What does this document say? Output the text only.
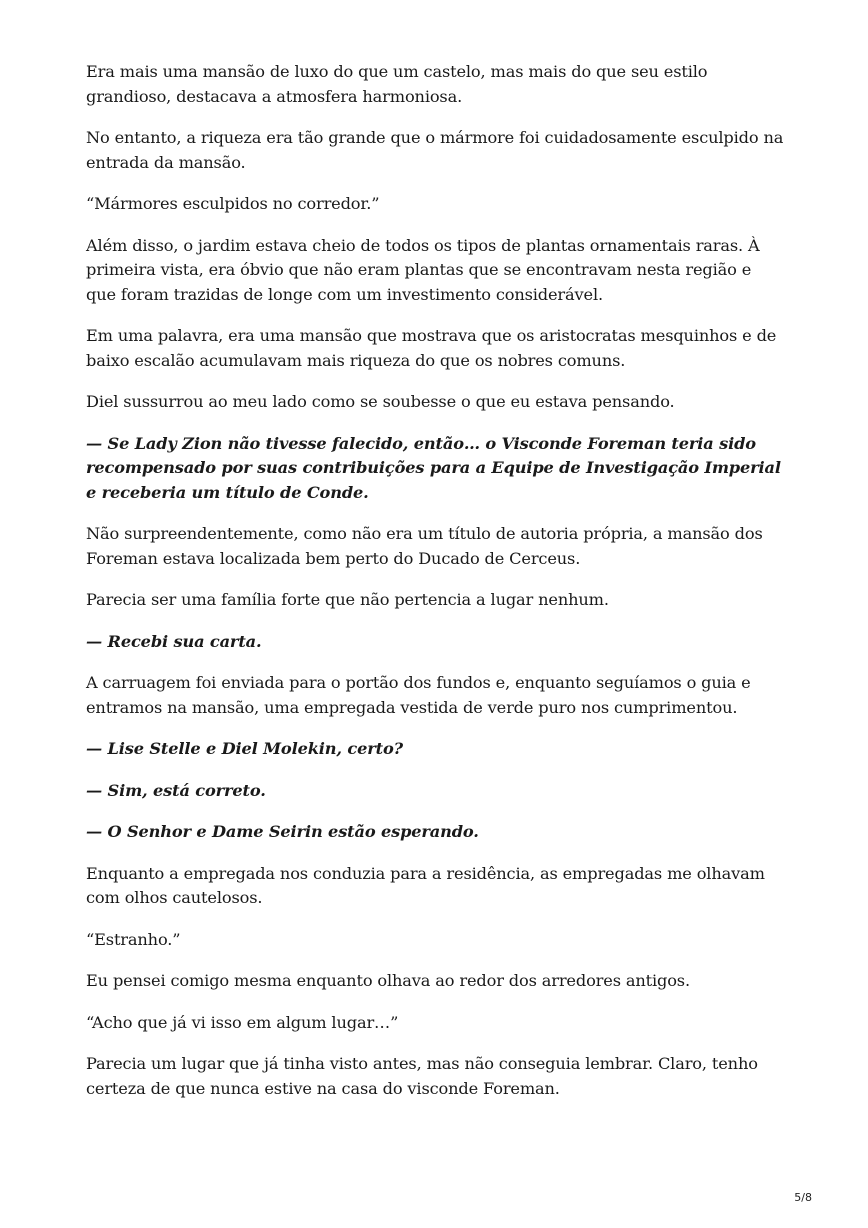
Era mais uma mansão de luxo do que um castelo, mas mais do que seu estilo grandioso, destacava a atmosfera harmoniosa.

No entanto, a riqueza era tão grande que o mármore foi cuidadosamente esculpido na entrada da mansão.

“Mármores esculpidos no corredor.”

Além disso, o jardim estava cheio de todos os tipos de plantas ornamentais raras. À primeira vista, era óbvio que não eram plantas que se encontravam nesta região e que foram trazidas de longe com um investimento considerável.

Em uma palavra, era uma mansão que mostrava que os aristocratas mesquinhos e de baixo escalão acumulavam mais riqueza do que os nobres comuns.

Diel sussurrou ao meu lado como se soubesse o que eu estava pensando.

— Se Lady Zion não tivesse falecido, então… o Visconde Foreman teria sido recompensado por suas contribuições para a Equipe de Investigação Imperial e receberia um título de Conde.

Não surpreendentemente, como não era um título de autoria própria, a mansão dos Foreman estava localizada bem perto do Ducado de Cerceus.

Parecia ser uma família forte que não pertencia a lugar nenhum.

— Recebi sua carta.

A carruagem foi enviada para o portão dos fundos e, enquanto seguíamos o guia e entramos na mansão, uma empregada vestida de verde puro nos cumprimentou.

— Lise Stelle e Diel Molekin, certo?

— Sim, está correto.

— O Senhor e Dame Seirin estão esperando.

Enquanto a empregada nos conduzia para a residência, as empregadas me olhavam com olhos cautelosos.

“Estranho.”

Eu pensei comigo mesma enquanto olhava ao redor dos arredores antigos.

“Acho que já vi isso em algum lugar…”

Parecia um lugar que já tinha visto antes, mas não conseguia lembrar. Claro, tenho certeza de que nunca estive na casa do visconde Foreman.

5/8
